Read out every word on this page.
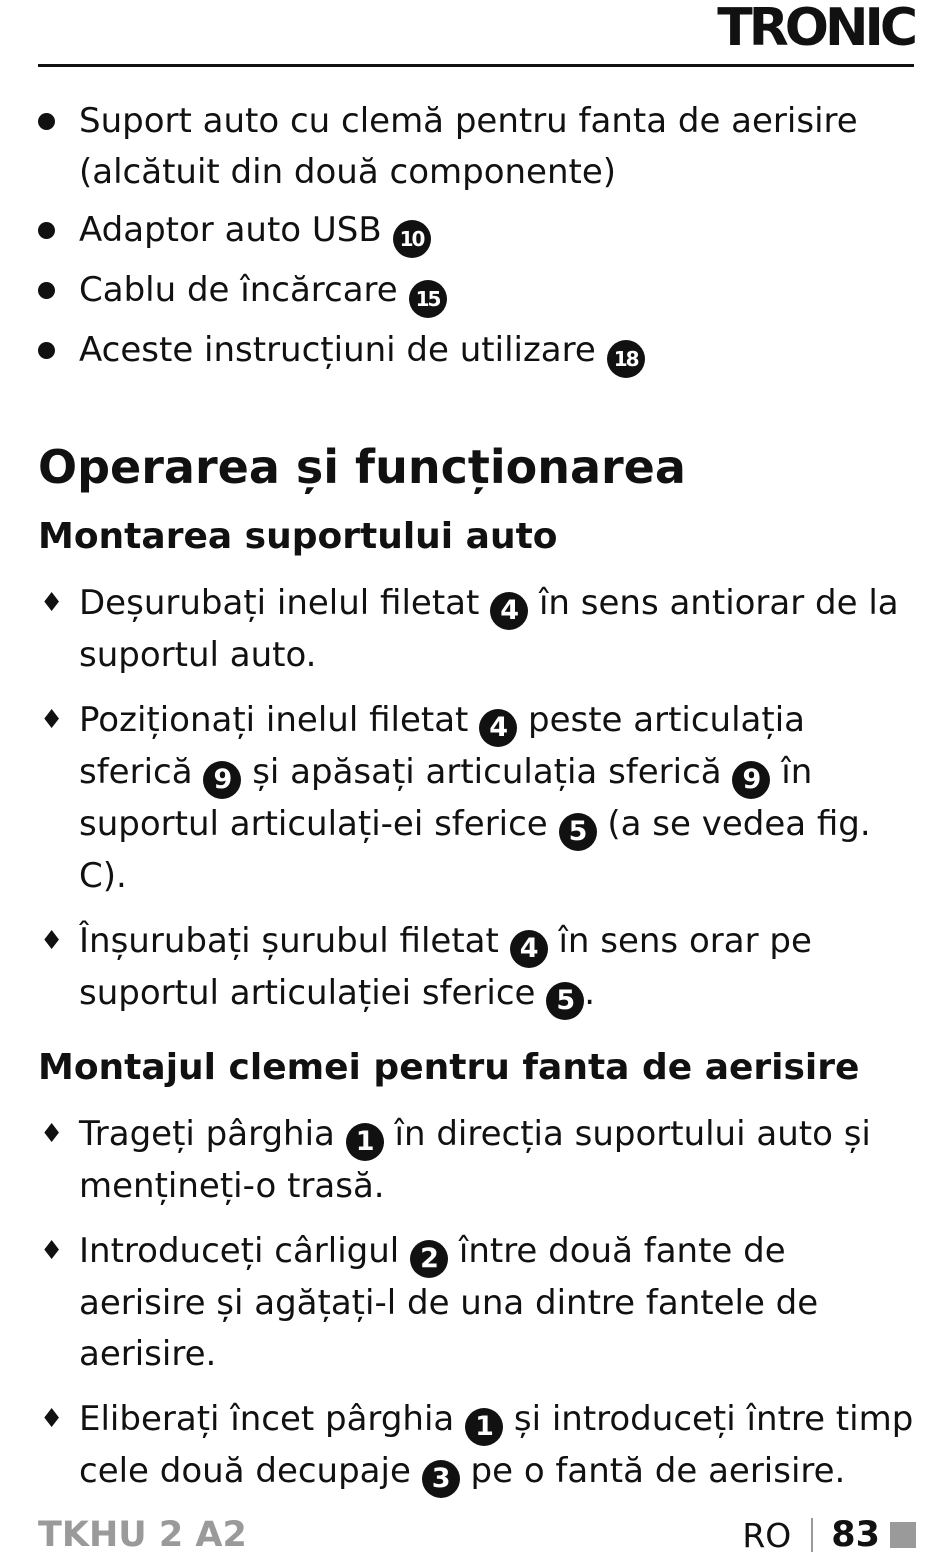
TRONIC
Suport auto cu clemă pentru fanta de aerisire (alcătuit din două componente)
Adaptor auto USB 10
Cablu de încărcare 15
Aceste instrucțiuni de utilizare 18
Operarea și funcționarea
Montarea suportului auto
♦ Deșurubați inelul filetat 4 în sens antiorar de la suportul auto.
♦ Poziționați inelul filetat 4 peste articulația sferică 9 și apăsați articulația sferică 9 în suportul articulați-ei sferice 5 (a se vedea fig. C).
♦ Înșurubați șurubul filetat 4 în sens orar pe suportul articulației sferice 5 .
Montajul clemei pentru fanta de aerisire
♦ Trageți pârghia 1 în direcția suportului auto și mențineți-o trasă.
♦ Introduceți cârligul 2 între două fante de aerisire și agățați-l de una dintre fantele de aerisire.
♦ Eliberați încet pârghia 1 și introduceți între timp cele două decupaje 3 pe o fantă de aerisire.
TKHU 2 A2	RO 83
